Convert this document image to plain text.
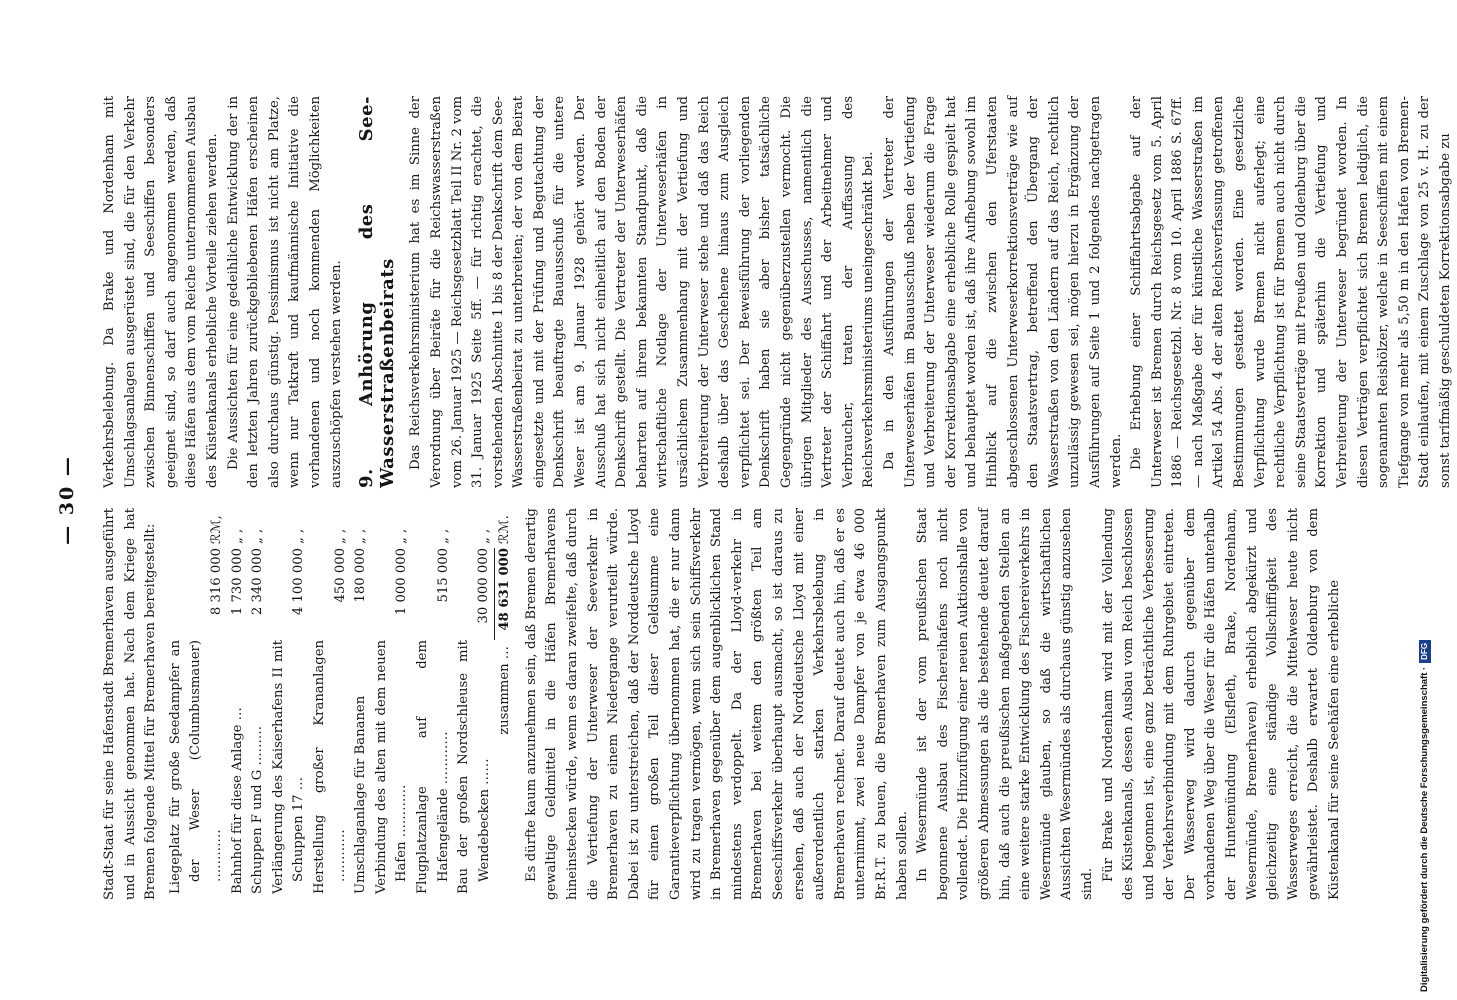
— 30 —

Stadt-Staat für seine Hafenstadt Bremerhaven ausgeführt und in Aussicht genommen hat. Nach dem Kriege hat Bremen folgende Mittel für Bremerhaven bereitgestellt: Liegeplatz für große Seedampfer an der Weser (Columbusmauer) …………
8 316 000
ℛℳ,
Bahnhof für diese Anlage …
1 730 000
„ ,
Schuppen F und G ………
2 340 000
„ ,
Verlängerung des Kaiserhafens II mit Schuppen 17 …
4 100 000
„ ,
Herstellung großer Krananlagen …………
450 000
„ ,
Umschlaganlage für Bananen
180 000
„ ,
Verbindung des alten mit dem neuen Hafen …………
1 000 000
„ ,
Flugplatzanlage auf dem Hafengelände …………
515 000
„ ,
Bau der großen Nordschleuse mit Wendebecken ……
30 000 000
„ ,
zusammen …
48 631 000
ℛℳ. Es dürfte kaum anzunehmen sein, daß Bremen derartig gewaltige Geldmittel in die Häfen Bremerhavens hineinstecken würde, wenn es daran zweifelte, daß durch die Vertiefung der Unterweser der Seeverkehr in Bremerhaven zu einem Niedergange verurteilt würde. Dabei ist zu unterstreichen, daß der Norddeutsche Lloyd für einen großen Teil dieser Geldsumme eine Garantieverpflichtung übernommen hat, die er nur dann wird zu tragen vermögen, wenn sich sein Schiffsverkehr in Bremerhaven gegenüber dem augenblicklichen Stand mindestens verdoppelt. Da der Lloyd-verkehr in Bremerhaven bei weitem den größten Teil am Seeschiffsverkehr überhaupt ausmacht, so ist daraus zu ersehen, daß auch der Norddeutsche Lloyd mit einer außerordentlich starken Verkehrsbelebung in Bremerhaven rechnet. Darauf deutet auch hin, daß er es unternimmt, zwei neue Dampfer von je etwa 46 000 Br.R.T. zu bauen, die Bremerhaven zum Ausgangspunkt haben sollen. In Wesermünde ist der vom preußischen Staat begonnene Ausbau des Fischereihafens noch nicht vollendet. Die Hinzufügung einer neuen Auktionshalle von größeren Abmessungen als die bestehende deutet darauf hin, daß auch die preußischen maßgebenden Stellen an eine weitere starke Entwicklung des Fischereiverkehrs in Wesermünde glauben, so daß die wirtschaftlichen Aussichten Wesermündes als durchaus günstig anzusehen sind.

Für Brake und Nordenham wird mit der Vollendung des Küstenkanals, dessen Ausbau vom Reich beschlossen und begonnen ist, eine ganz beträchtliche Verbesserung der Verkehrsverbindung mit dem Ruhrgebiet eintreten. Der Wasserweg wird dadurch gegenüber dem vorhandenen Weg über die Weser für die Häfen unterhalb der Huntemündung (Elsfleth, Brake, Nordenham, Wesermünde, Bremerhaven) erheblich abgekürzt und gleichzeitig eine ständige Vollschiffigkeit des Wasserweges erreicht, die die Mittelweser heute nicht gewährleistet. Deshalb erwartet Oldenburg von dem Küstenkanal für seine Seehäfen eine erhebliche

Verkehrsbelebung. Da Brake und Nordenham mit Umschlagsanlagen ausgerüstet sind, die für den Verkehr zwischen Binnenschiffen und Seeschiffen besonders geeignet sind, so darf auch angenommen werden, daß diese Häfen aus dem vom Reiche unternommenen Ausbau des Küstenkanals erhebliche Vorteile ziehen werden. Die Aussichten für eine gedeihliche Entwicklung der in den letzten Jahren zurückgebliebenen Häfen erscheinen also durchaus günstig. Pessimismus ist nicht am Platze, wenn nur Tatkraft und kaufmännische Initiative die vorhandenen und noch kommenden Möglichkeiten auszuschöpfen verstehen werden. 9. Anhörung des See-Wasserstraßenbeirats Das Reichsverkehrsministerium hat es im Sinne der Verordnung über Beiräte für die Reichswasserstraßen vom 26. Januar 1925 — Reichsgesetzblatt Teil II Nr. 2 vom 31. Januar 1925 Seite 5ff. — für richtig erachtet, die vorstehenden Abschnitte 1 bis 8 der Denkschrift dem See-Wasserstraßenbeirat zu unterbreiten; der von dem Beirat eingesetzte und mit der Prüfung und Begutachtung der Denkschrift beauftragte Bauausschuß für die untere Weser ist am 9. Januar 1928 gehört worden. Der Ausschuß hat sich nicht einheitlich auf den Boden der Denkschrift gestellt. Die Vertreter der Unterweserhäfen beharrten auf ihrem bekannten Standpunkt, daß die wirtschaftliche Notlage der Unterweserhäfen in ursächlichem Zusammenhang mit der Vertiefung und Verbreiterung der Unterweser stehe und daß das Reich deshalb über das Geschehene hinaus zum Ausgleich verpflichtet sei. Der Beweisführung der vorliegenden Denkschrift haben sie aber bisher tatsächliche Gegengründe nicht gegenüberzustellen vermocht. Die übrigen Mitglieder des Ausschusses, namentlich die Vertreter der Schiffahrt und der Arbeitnehmer und Verbraucher, traten der Auffassung des Reichsverkehrsministeriums uneingeschränkt bei. Da in den Ausführungen der Vertreter der Unterweserhäfen im Bauausschuß neben der Vertiefung und Verbreiterung der Unterweser wiederum die Frage der Korrektionsabgabe eine erhebliche Rolle gespielt hat und behauptet worden ist, daß ihre Aufhebung sowohl im Hinblick auf die zwischen den Uferstaaten abgeschlossenen Unterweserkorrektionsverträge wie auf den Staatsvertrag, betreffend den Übergang der Wasserstraßen von den Ländern auf das Reich, rechtlich unzulässig gewesen sei, mögen hierzu in Ergänzung der Ausführungen auf Seite 1 und 2 folgendes nachgetragen werden. Die Erhebung einer Schiffahrtsabgabe auf der Unterweser ist Bremen durch Reichsgesetz vom 5. April 1886 — Reichsgesetzbl. Nr. 8 vom 10. April 1886 S. 67ff. — nach Maßgabe der für künstliche Wasserstraßen im Artikel 54 Abs. 4 der alten Reichsverfassung getroffenen Bestimmungen gestattet worden. Eine gesetzliche Verpflichtung wurde Bremen nicht auferlegt; eine rechtliche Verpflichtung ist für Bremen auch nicht durch seine Staatsverträge mit Preußen und Oldenburg über die Korrektion und späterhin die Vertiefung und Verbreiterung der Unterweser begründet worden. In diesen Verträgen verpflichtet sich Bremen lediglich, die sogenannten Reishölzer, welche in Seeschiffen mit einem Tiefgange von mehr als 5,50 m in den Hafen von Bremen-Stadt einlaufen, mit einem Zuschlage von 25 v. H. zu der sonst tarifmäßig geschuldeten Korrektionsabgabe zu

Digitalisierung gefördert durch die Deutsche Forschungsgemeinschaft ·
DFG
